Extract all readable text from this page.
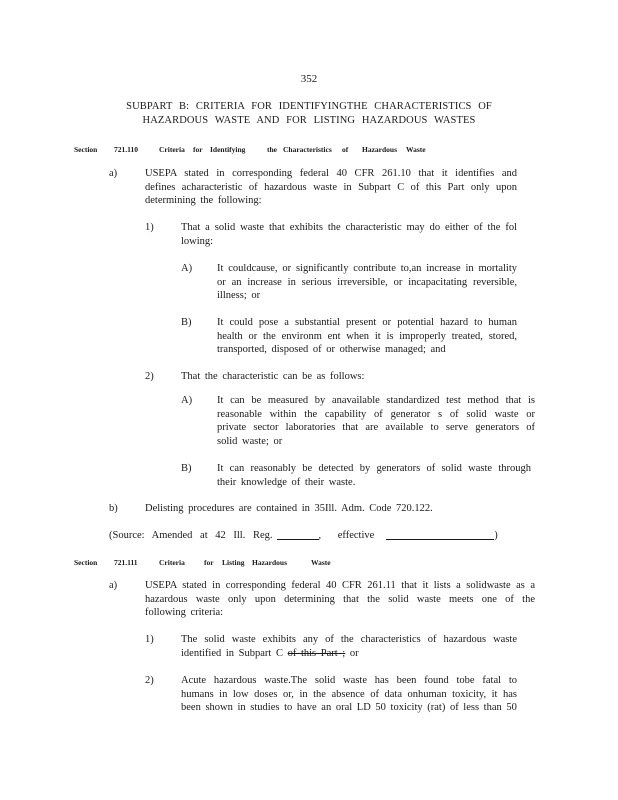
352
SUBPART B: CRITERIA FOR IDENTIFYINGTHE CHARACTERISTICS OF
HAZARDOUS WASTE AND FOR LISTING HAZARDOUS WASTES
Section	721.110	Criteria	for Identifying	the Characteristics	of	Hazardous	Waste
a)	USEPA stated in corresponding federal 40 CFR 261.10 that it identifies and defines acharacteristic of hazardous waste in Subpart C of this Part only upon determining the following:
1)	That a solid waste that exhibits the characteristic may do either of the fol lowing:
A)	It couldcause, or significantly contribute to,an increase in mortality or an increase in serious irreversible, or incapacitating reversible, illness; or
B)	It could pose a substantial present or potential hazard to human health or the environm ent when it is improperly treated, stored, transported, disposed of or otherwise managed; and
2)	That the characteristic can be as follows:
A)	It can be measured by anavailable standardized test method that is reasonable within the capability of generator s of solid waste or private sector laboratories that are available to serve generators of solid waste; or
B)	It can reasonably be detected by generators of solid waste through their knowledge of their waste.
b)	Delisting procedures are contained in 35Ill. Adm. Code 720.122.
(Source: Amended at 42 Ill. Reg.	, effective	)
Section	721.111	Criteria	for	Listing Hazardous	Waste
a)	USEPA stated in corresponding federal 40 CFR 261.11 that it lists a solidwaste as a hazardous waste only upon determining that the solid waste meets one of the following criteria:
1)	The solid waste exhibits any of the characteristics of hazardous waste identified in Subpart C of this Part ; or
2)	Acute hazardous waste.The solid waste has been found tobe fatal to humans in low doses or, in the absence of data onhuman toxicity, it has been shown in studies to have an oral LD 50 toxicity (rat) of less than 50
